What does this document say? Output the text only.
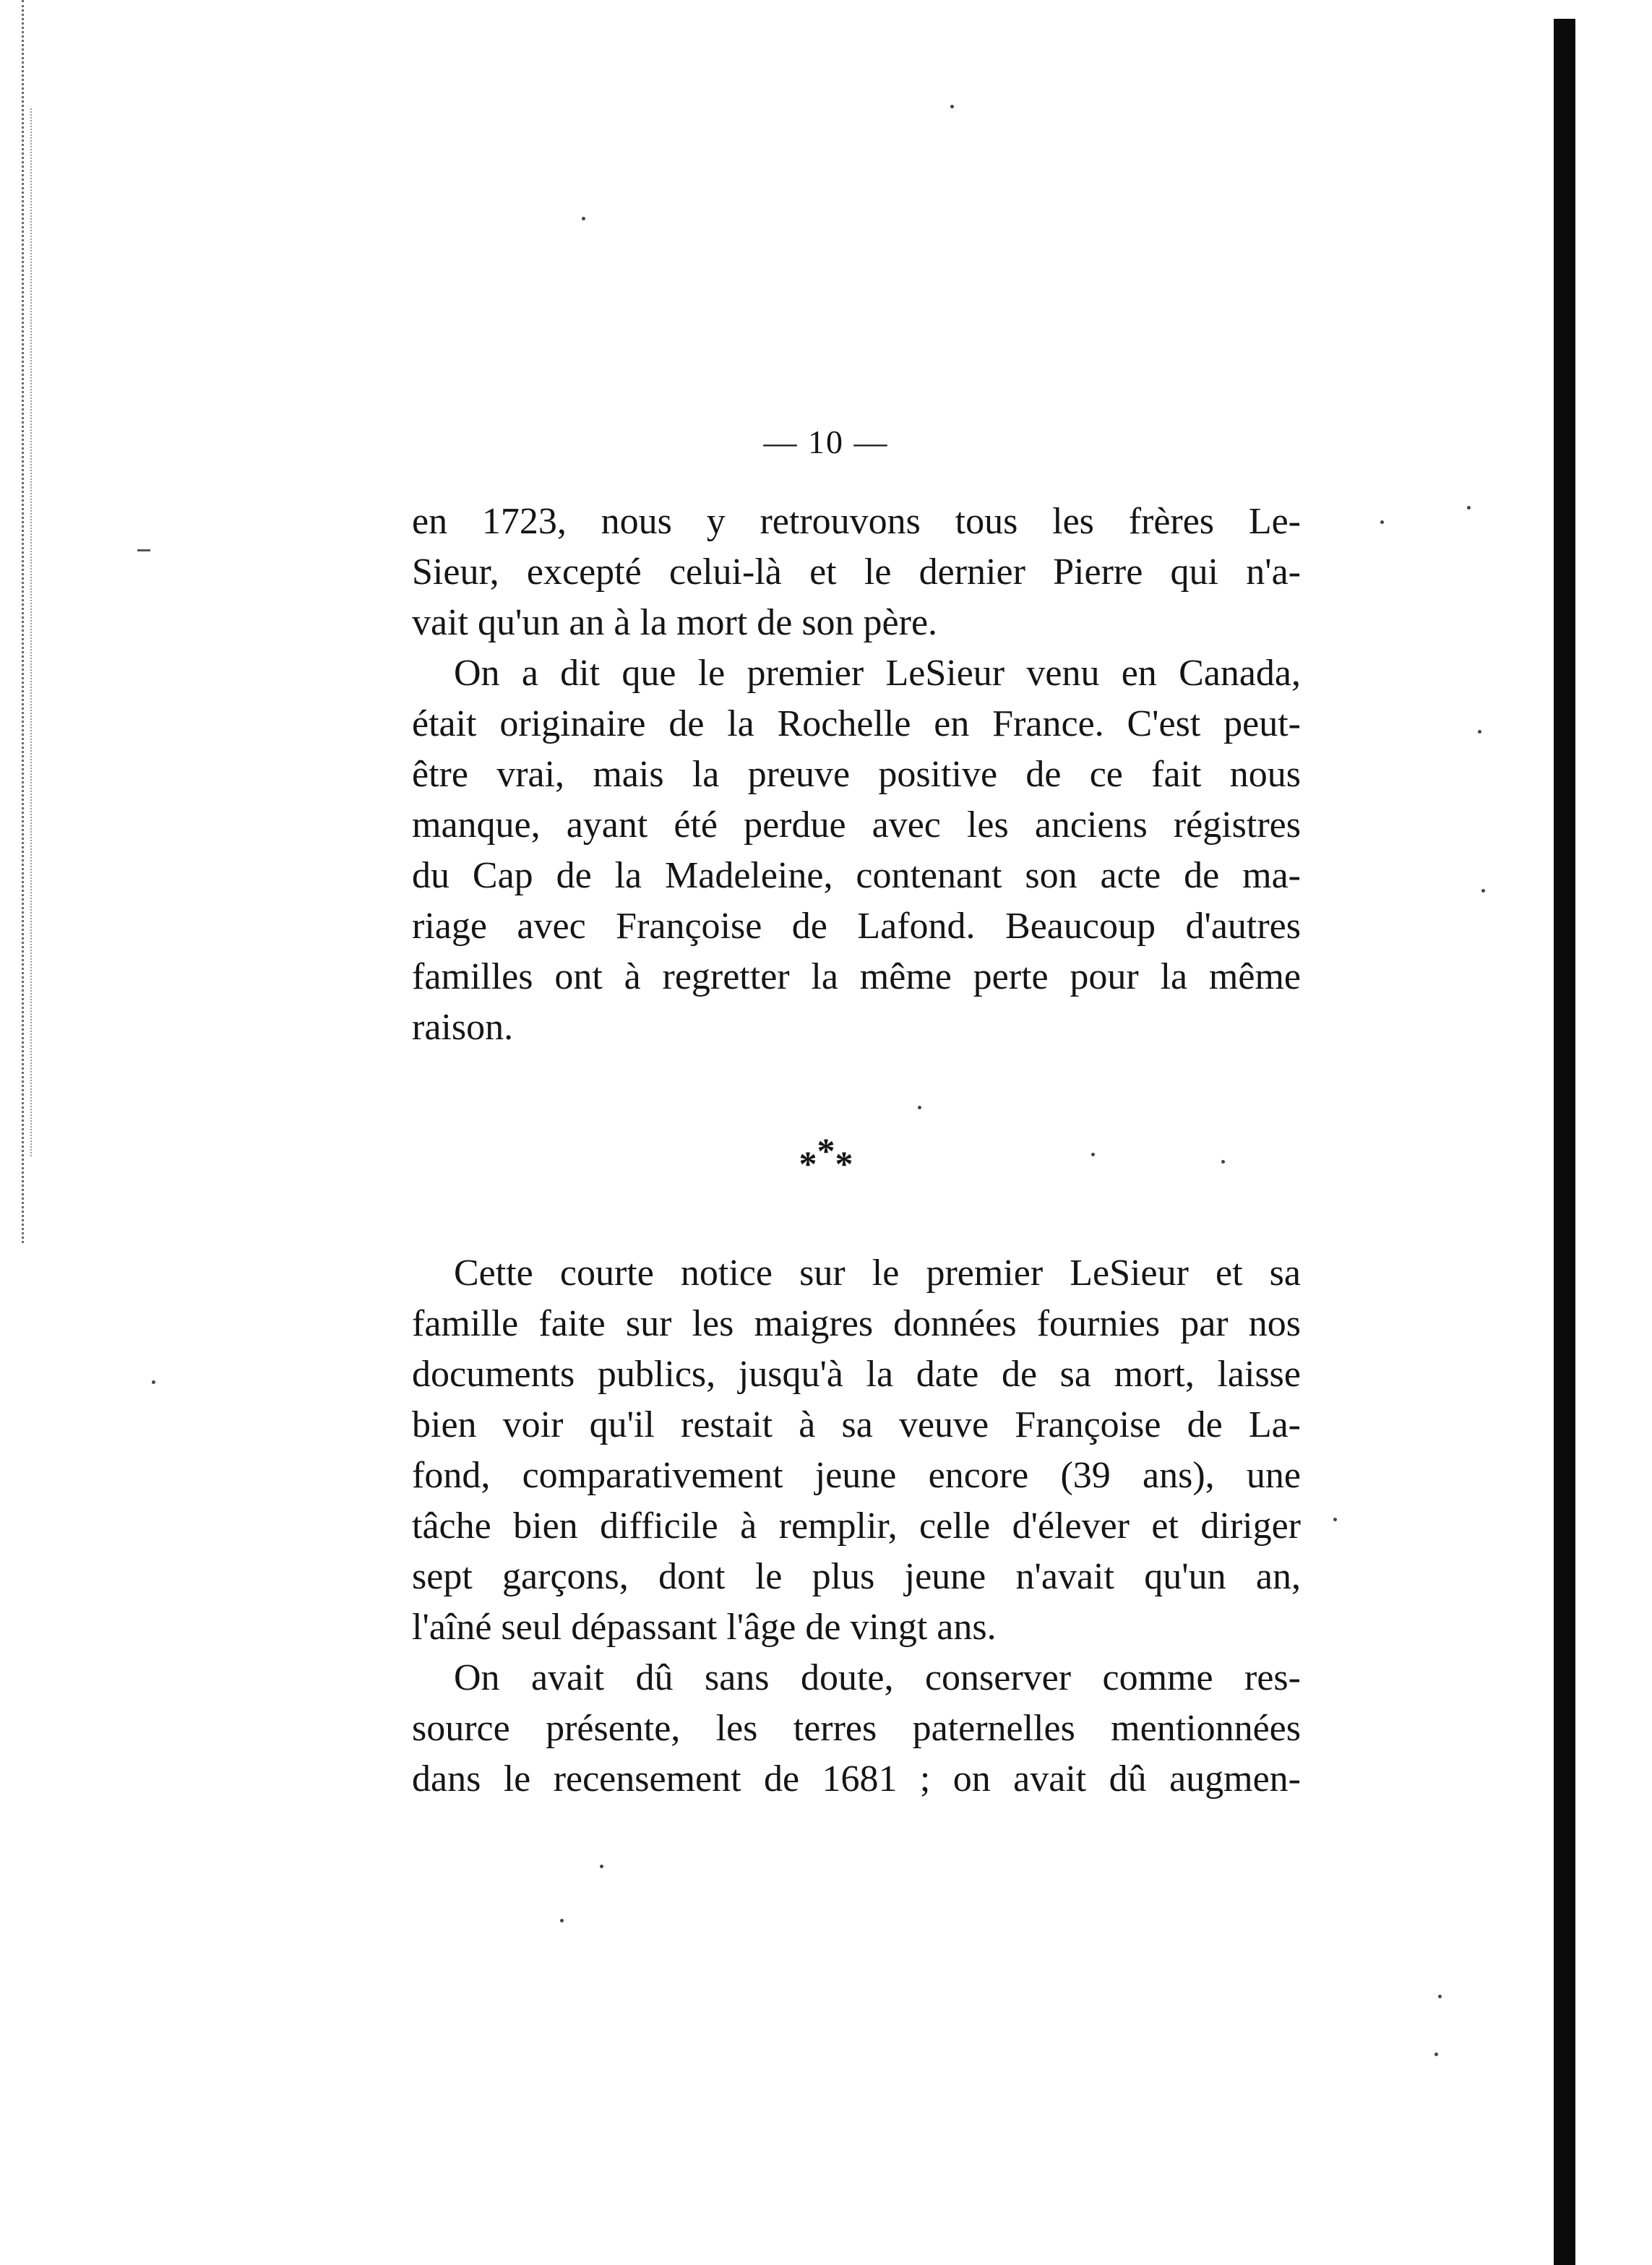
— 10 —

en 1723, nous y retrouvons tous les frères Le-
Sieur, excepté celui-là et le dernier Pierre qui n'a-
vait qu'un an à la mort de son père.

On a dit que le premier LeSieur venu en Canada,
était originaire de la Rochelle en France. C'est peut-
être vrai, mais la preuve positive de ce fait nous
manque, ayant été perdue avec les anciens régistres
du Cap de la Madeleine, contenant son acte de ma-
riage avec Françoise de Lafond. Beaucoup d'autres
familles ont à regretter la même perte pour la même
raison.

***

Cette courte notice sur le premier LeSieur et sa
famille faite sur les maigres données fournies par nos
documents publics, jusqu'à la date de sa mort, laisse
bien voir qu'il restait à sa veuve Françoise de La-
fond, comparativement jeune encore (39 ans), une
tâche bien difficile à remplir, celle d'élever et diriger
sept garçons, dont le plus jeune n'avait qu'un an,
l'aîné seul dépassant l'âge de vingt ans.

On avait dû sans doute, conserver comme res-
source présente, les terres paternelles mentionnées
dans le recensement de 1681 ; on avait dû augmen-
